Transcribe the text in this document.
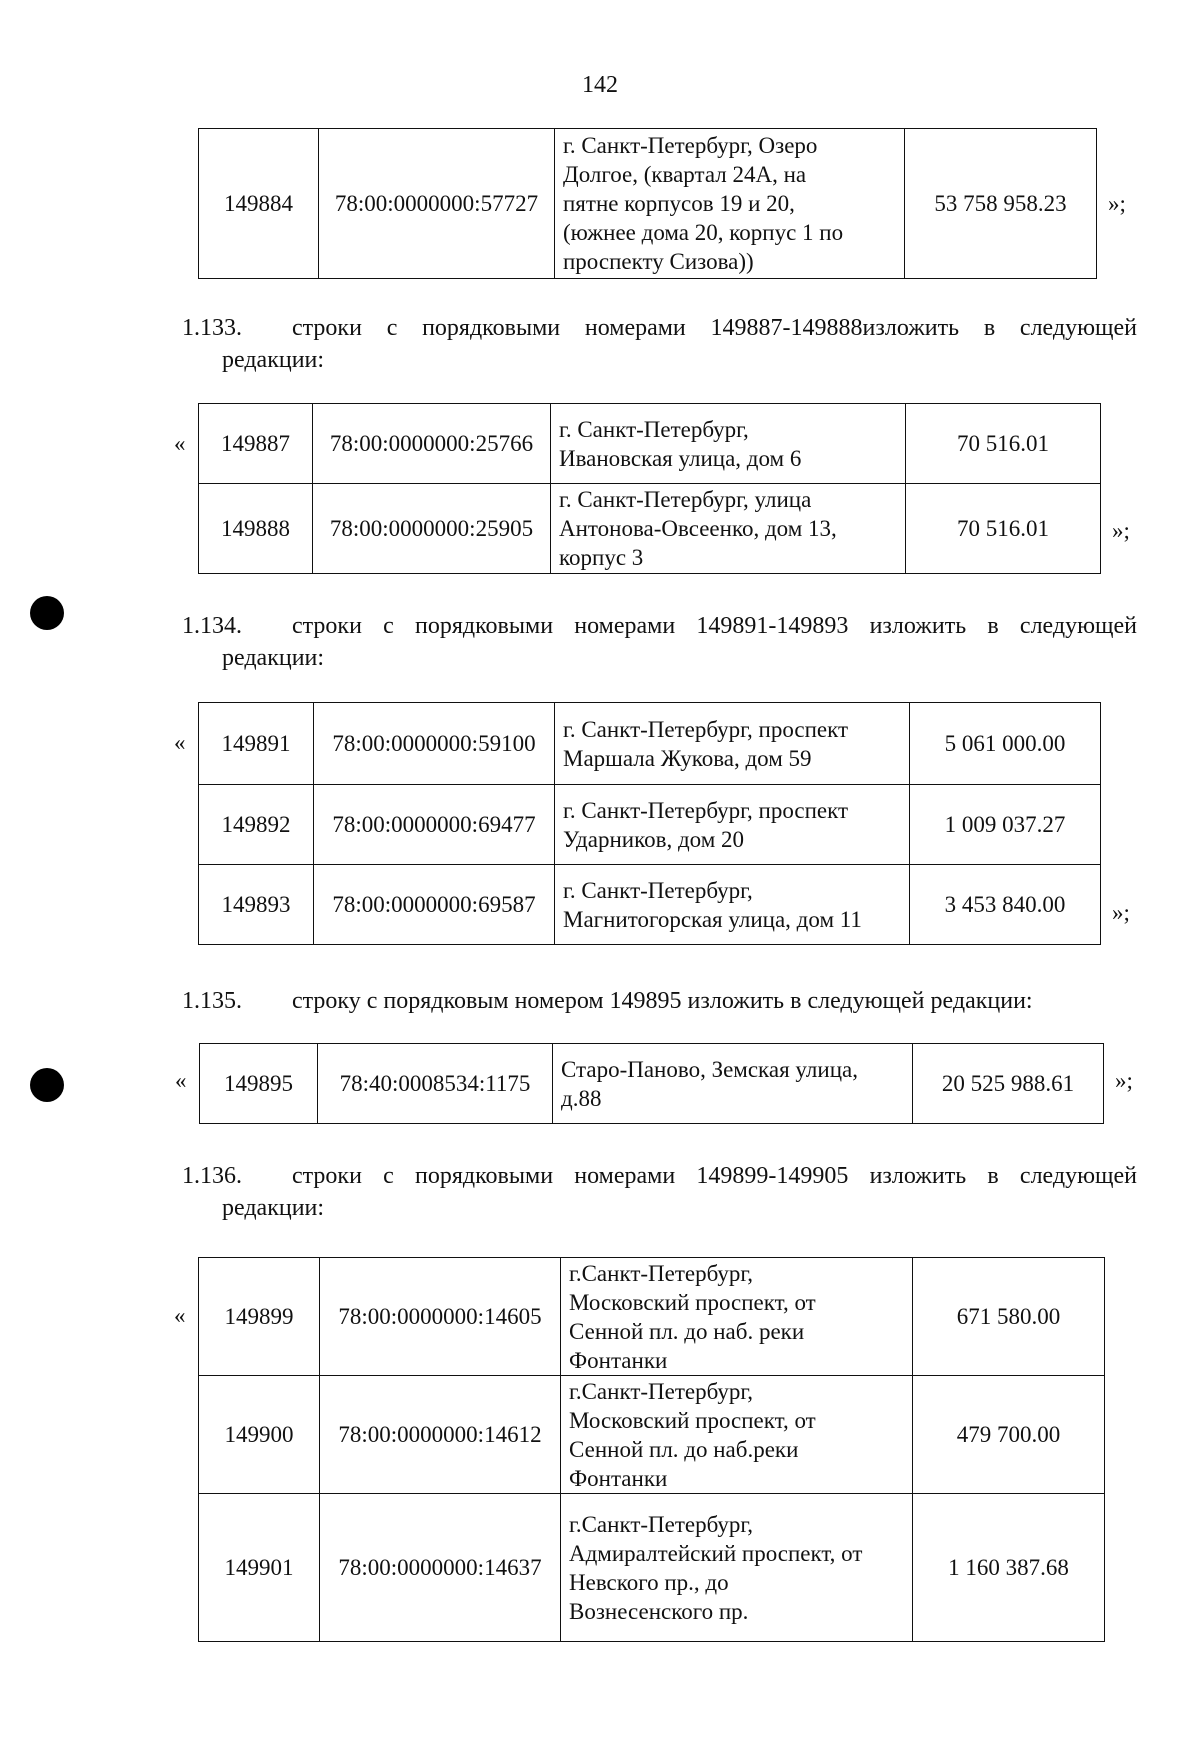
142
149884	78:00:0000000:57727	
г. Санкт-Петербург, Озеро
Долгое, (квартал 24А, на
пятне корпусов 19 и 20,
(южнее дома 20, корпус 1 по
проспекту Сизова))
	53 758 958.23 »;
1.133. строки с порядковыми номерами 149887-149888изложить в следующей
редакции:
« 149887	78:00:0000000:25766	г. Санкт-Петербург,
Ивановская улица, дом 6	70 516.01
149888	78:00:0000000:25905	г. Санкт-Петербург, улица
Антонова-Овсеенко, дом 13,
корпус 3	70 516.01	»;
1.134. строки с порядковыми номерами 149891-149893 изложить в следующей
редакции:
« 149891	78:00:0000000:59100	г. Санкт-Петербург, проспект
Маршала Жукова, дом 59	5 061 000.00
149892	78:00:0000000:69477	г. Санкт-Петербург, проспект
Ударников, дом 20	1 009 037.27
149893	78:00:0000000:69587	г. Санкт-Петербург,
Магнитогорская улица, дом 11	3 453 840.00 »;
1.135. строку с порядковым номером 149895 изложить в следующей редакции:
« 149895	78:40:0008534:1175	
Старо-Паново, Земская улица,
д.88
	20 525 988.61 »;
1.136. строки с порядковыми номерами 149899-149905 изложить в следующей
редакции:
« 149899	78:00:0000000:14605	г.Санкт-Петербург,
Московский проспект, от
Сенной пл. до наб. реки
Фонтанки	671 580.00
149900	78:00:0000000:14612	г.Санкт-Петербург,
Московский проспект, от
Сенной пл. до наб.реки
Фонтанки	479 700.00
149901	78:00:0000000:14637	г.Санкт-Петербург,
Адмиралтейский проспект, от
Невского пр., до
Вознесенского пр.	1 160 387.68
